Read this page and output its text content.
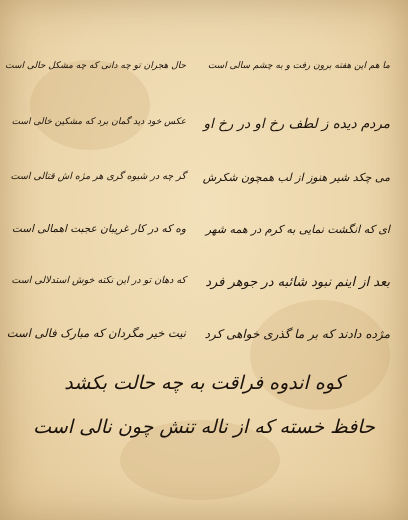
ما هم این هفته برون رفت و به چشم سالی است
حال هجران تو چه دانی که چه مشکل حالی است
مردم دیده ز لطف رخ او در رخ او
عکس خود دید گمان برد که مشکین خالی است
می چکد شیر هنوز از لب همچون شکرش
گر چه در شیوه گری هر مژه اش قتالی است
ای که انگشت نمایی به کرم در همه شهر
وه که در کار غریبان عجبت اهمالی است
بعد از اینم نبود شائبه در جوهر فرد
که دهان تو در این نکته خوش استدلالی است
مژده دادند که بر ما گذری خواهی کرد
نیت خیر مگردان که مبارک فالی است
کوه اندوه فراقت به چه حالت بکشد
حافظ خسته که از ناله تنش چون نالی است
